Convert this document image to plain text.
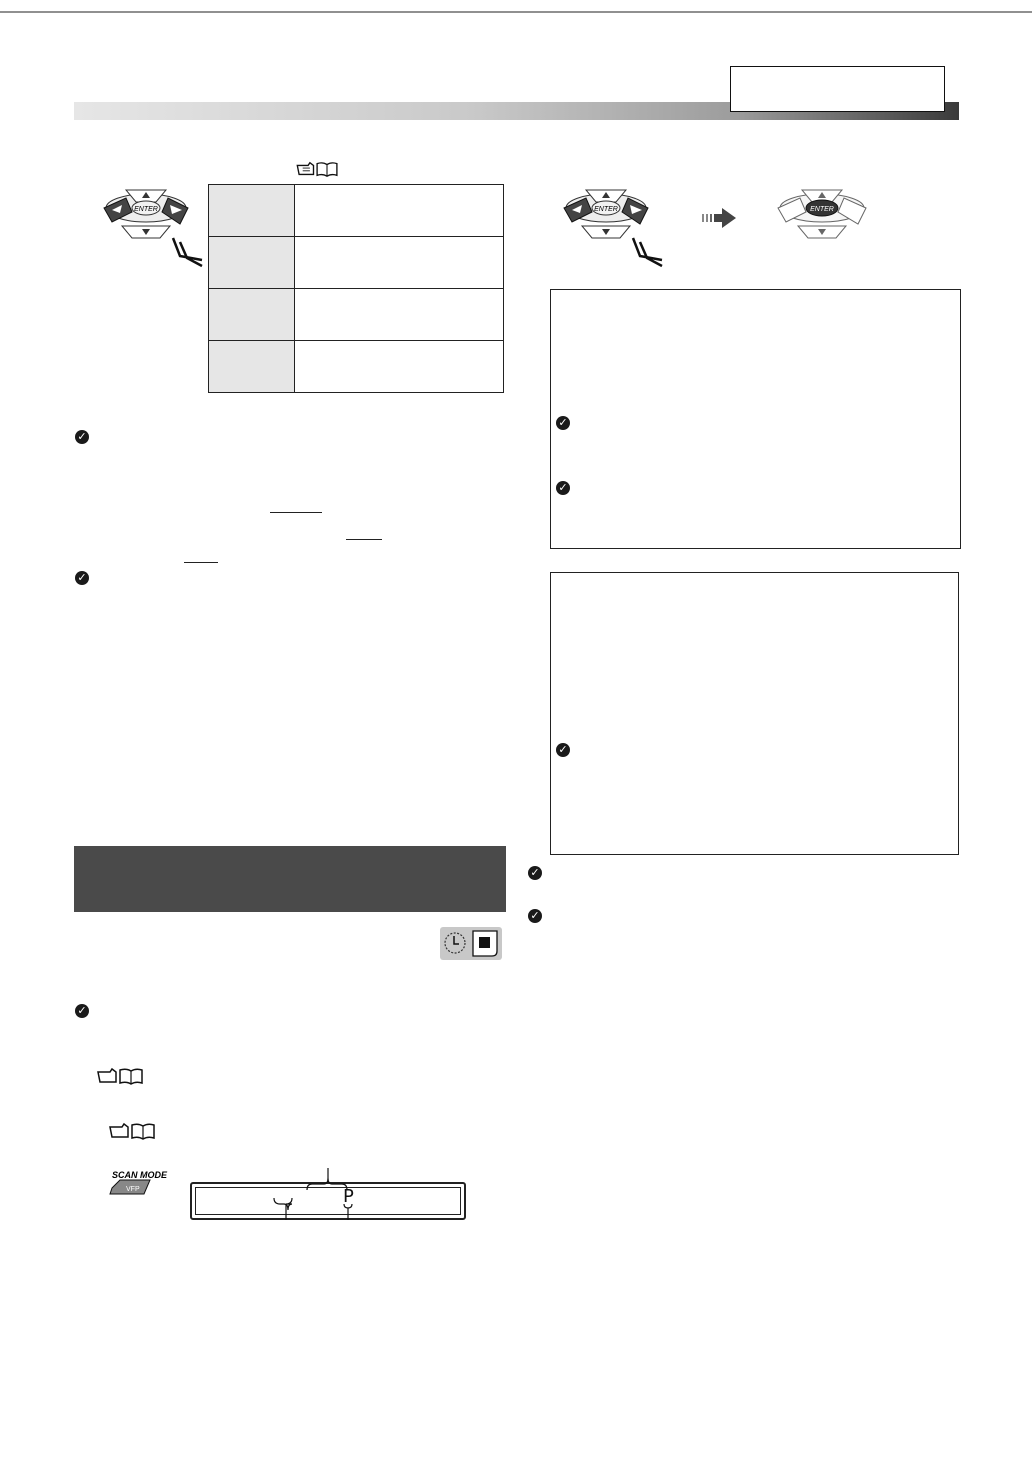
ENTER

✓
✓
✓
SCAN MODE
VFP	P
ENTER	ENTER
✓
✓
✓
✓
✓
